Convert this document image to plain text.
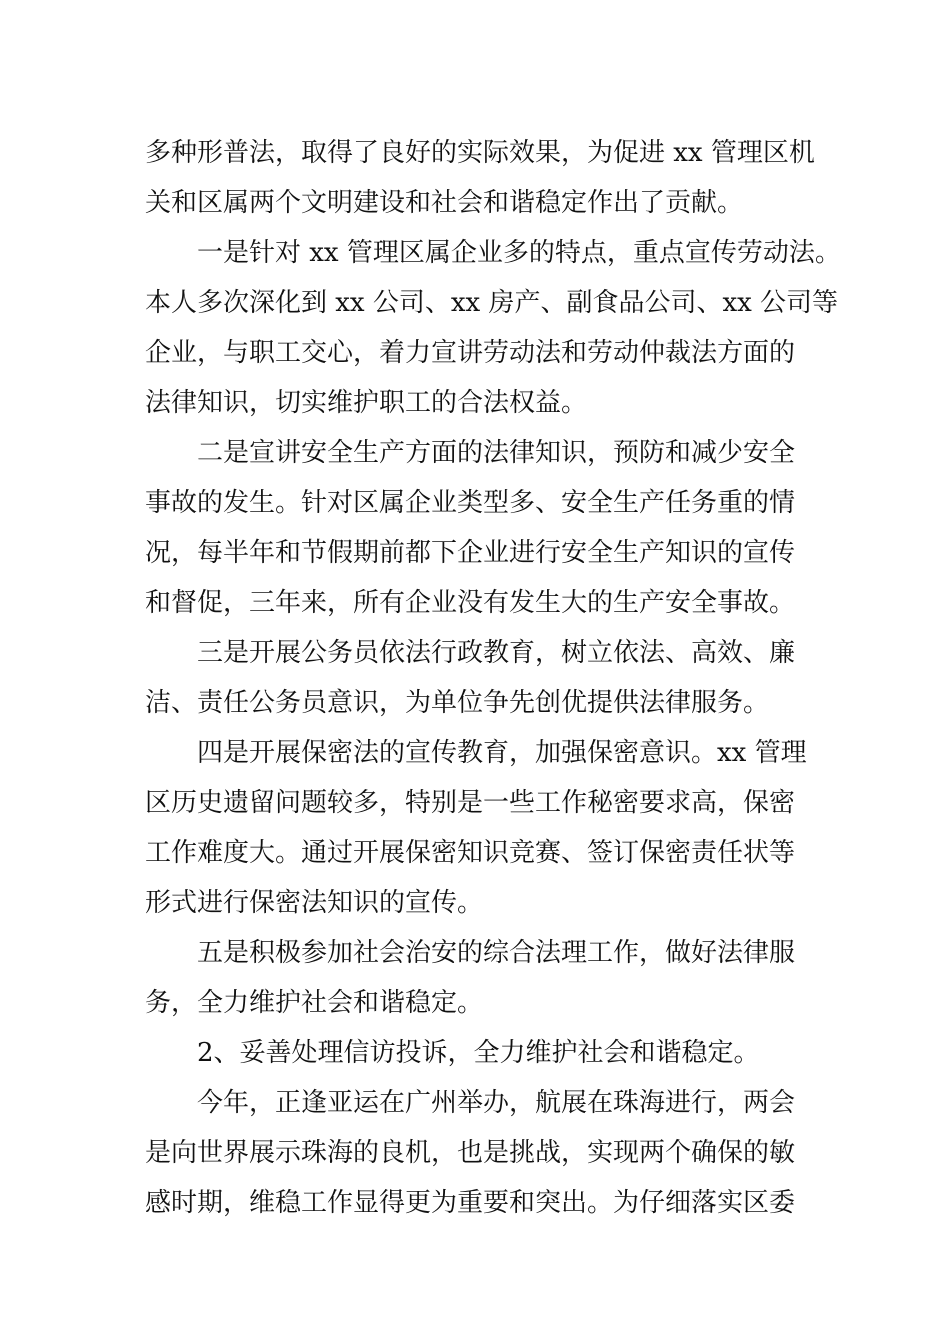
多种形普法，取得了良好的实际效果，为促进 xx 管理区机
关和区属两个文明建设和社会和谐稳定作出了贡献。
一是针对 xx 管理区属企业多的特点，重点宣传劳动法。
本人多次深化到 xx 公司、xx 房产、副食品公司、xx 公司等
企业，与职工交心，着力宣讲劳动法和劳动仲裁法方面的
法律知识，切实维护职工的合法权益。
二是宣讲安全生产方面的法律知识，预防和减少安全
事故的发生。针对区属企业类型多、安全生产任务重的情
况，每半年和节假期前都下企业进行安全生产知识的宣传
和督促，三年来，所有企业没有发生大的生产安全事故。
三是开展公务员依法行政教育，树立依法、高效、廉
洁、责任公务员意识，为单位争先创优提供法律服务。
四是开展保密法的宣传教育，加强保密意识。xx 管理
区历史遗留问题较多，特别是一些工作秘密要求高，保密
工作难度大。通过开展保密知识竞赛、签订保密责任状等
形式进行保密法知识的宣传。
五是积极参加社会治安的综合法理工作，做好法律服
务，全力维护社会和谐稳定。
2、妥善处理信访投诉，全力维护社会和谐稳定。
今年，正逢亚运在广州举办，航展在珠海进行，两会
是向世界展示珠海的良机，也是挑战，实现两个确保的敏
感时期，维稳工作显得更为重要和突出。为仔细落实区委
